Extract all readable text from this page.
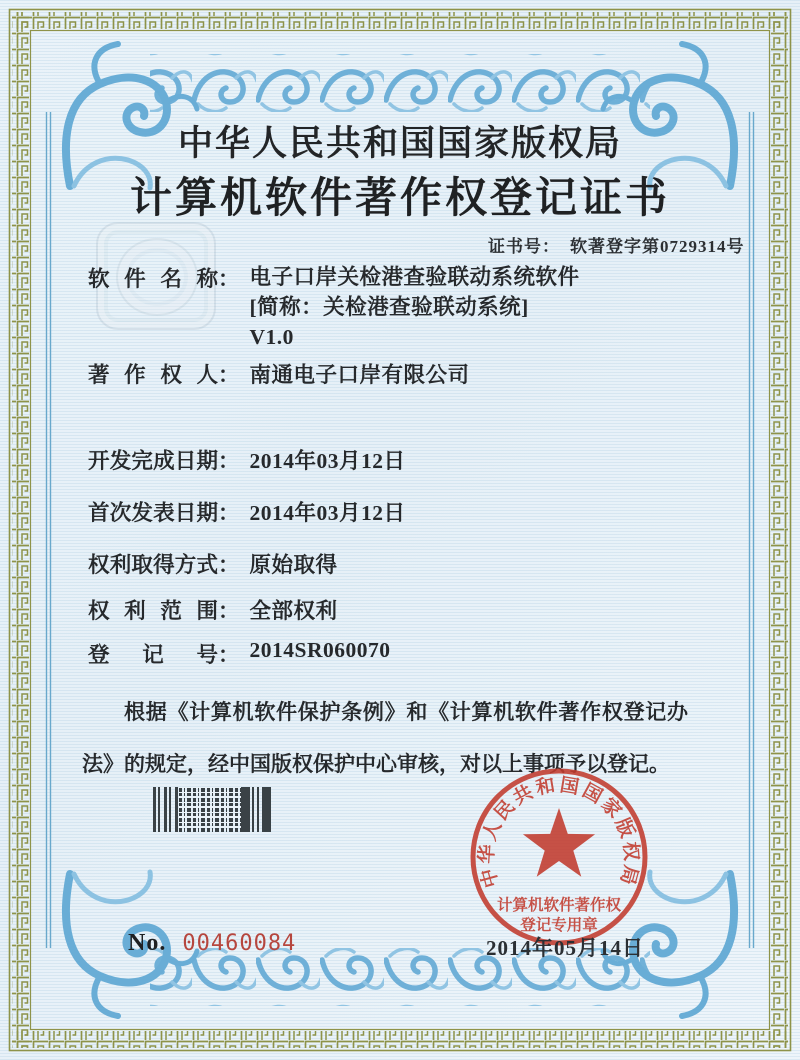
中华人民共和国国家版权局
计算机软件著作权登记证书
证书号： 软著登字第0729314号
软件名称 ： 电子口岸关检港查验联动系统软件
[简称：关检港查验联动系统]
V1.0
著作权人 ： 南通电子口岸有限公司
开发完成日期 ： 2014年03月12日
首次发表日期 ： 2014年03月12日
权利取得方式 ： 原始取得
权利范围 ： 全部权利
登记号 ： 2014SR060070
根据《计算机软件保护条例》和《计算机软件著作权登记办法》的规定，经中国版权保护中心审核，对以上事项予以登记。
中华人民共和国国家版权局
计算机软件著作权
登记专用章
No. 00460084	2014年05月14日
